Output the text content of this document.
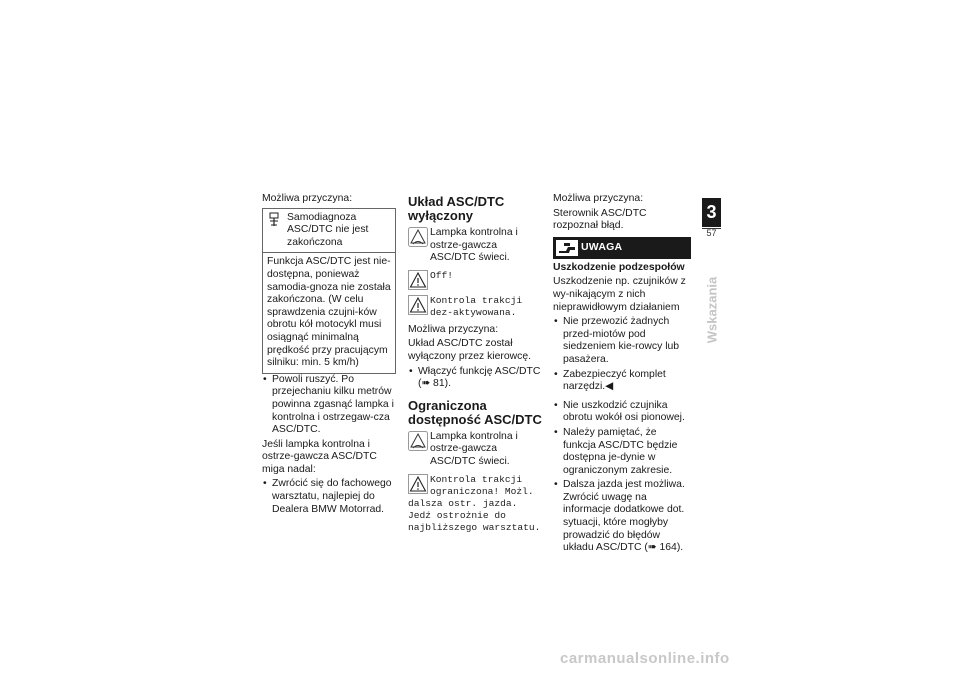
Możliwa przyczyna:

Samodiagnoza ASC/DTC nie jest zakończona
Funkcja ASC/DTC jest nie-dostępna, ponieważ samodia-gnoza nie została zakończona. (W celu sprawdzenia czujni-ków obrotu kół motocykl musi osiągnąć minimalną prędkość przy pracującym silniku: min. 5 km/h)
• Powoli ruszyć. Po przejechaniu kilku metrów powinna zgasnąć lampka i kontrolna i ostrzegaw-cza ASC/DTC.

Jeśli lampka kontrolna i ostrze-gawcza ASC/DTC miga nadal:

• Zwrócić się do fachowego warsztatu, najlepiej do Dealera BMW Motorrad.
Układ ASC/DTC wyłączony
Lampka kontrolna i ostrze-gawcza ASC/DTC świeci.
Off!
Kontrola trakcji dez-aktywowana.

Możliwa przyczyna:

Układ ASC/DTC został wyłączony przez kierowcę.

• Włączyć funkcję ASC/DTC (➠ 81).
Ograniczona dostępność ASC/DTC
Lampka kontrolna i ostrze-gawcza ASC/DTC świeci.
Kontrola trakcji ograniczona! Możl.
dalsza ostr. jazda. Jedź ostrożnie do najbliższego warsztatu.

Możliwa przyczyna:

Sterownik ASC/DTC rozpoznał błąd.

UWAGA

Uszkodzenie podzespołów

Uszkodzenie np. czujników z wy-nikającym z nich nieprawidłowym działaniem

• Nie przewozić żadnych przed-miotów pod siedzeniem kie-rowcy lub pasażera.
• Zabezpieczyć komplet narzędzi.◀
• Nie uszkodzić czujnika obrotu wokół osi pionowej.
• Należy pamiętać, że funkcja ASC/DTC będzie dostępna je-dynie w ograniczonym zakresie.
• Dalsza jazda jest możliwa. Zwrócić uwagę na informacje dodatkowe dot. sytuacji, które mogłyby prowadzić do błędów układu ASC/DTC (➠ 164).
3
57
Wskazania
carmanualsonline.info
